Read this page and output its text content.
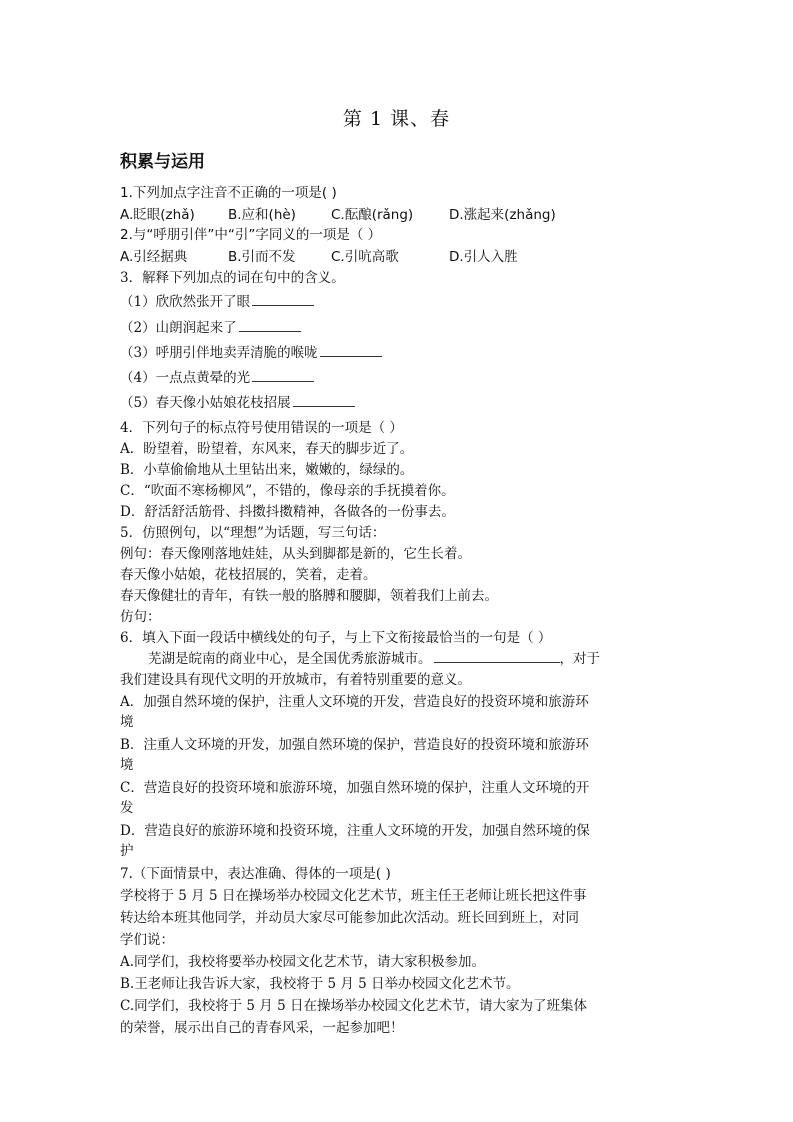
第 1 课、春
积累与运用
1.下列加点字注音不正确的一项是( )
A.眨眼(zhǎ) B.应和(hè)	C.酝酿(rǎng)	D.涨起来(zhǎng)
2.与“呼朋引伴”中“引”字同义的一项是（ ）
A.引经据典	B.引而不发	C.引吭高歌	D.引人入胜
3．解释下列加点的词在句中的含义。
（1）欣欣然张开了眼
（2）山朗润起来了
（3）呼朋引伴地卖弄清脆的喉咙
（4）一点点黄晕的光
（5）春天像小姑娘花枝招展
4．下列句子的标点符号使用错误的一项是（ ）
A．盼望着，盼望着，东风来，春天的脚步近了。
B．小草偷偷地从土里钻出来，嫩嫩的，绿绿的。
C．“吹面不寒杨柳风”，不错的，像母亲的手抚摸着你。
D．舒活舒活筋骨、抖擞抖擞精神，各做各的一份事去。
5．仿照例句，以“理想”为话题，写三句话：
例句：春天像刚落地娃娃，从头到脚都是新的，它生长着。
春天像小姑娘，花枝招展的，笑着，走着。
春天像健壮的青年，有铁一般的胳膊和腰脚，领着我们上前去。
仿句：
6．填入下面一段话中横线处的句子，与上下文衔接最恰当的一句是（ ）
芜湖是皖南的商业中心，是全国优秀旅游城市。	，对于
我们建设具有现代文明的开放城市，有着特别重要的意义。
A．加强自然环境的保护，注重人文环境的开发，营造良好的投资环境和旅游环
境
B．注重人文环境的开发，加强自然环境的保护，营造良好的投资环境和旅游环
境
C．营造良好的投资环境和旅游环境，加强自然环境的保护，注重人文环境的开
发
D．营造良好的旅游环境和投资环境，注重人文环境的开发，加强自然环境的保
护
7.（下面情景中，表达准确、得体的一项是( )
学校将于 5 月 5 日在操场举办校园文化艺术节，班主任王老师让班长把这件事
转达给本班其他同学，并动员大家尽可能参加此次活动。班长回到班上，对同
学们说：
A.同学们，我校将要举办校园文化艺术节，请大家积极参加。
B.王老师让我告诉大家，我校将于 5 月 5 日举办校园文化艺术节。
C.同学们，我校将于 5 月 5 日在操场举办校园文化艺术节，请大家为了班集体
的荣誉，展示出自己的青春风采，一起参加吧！
